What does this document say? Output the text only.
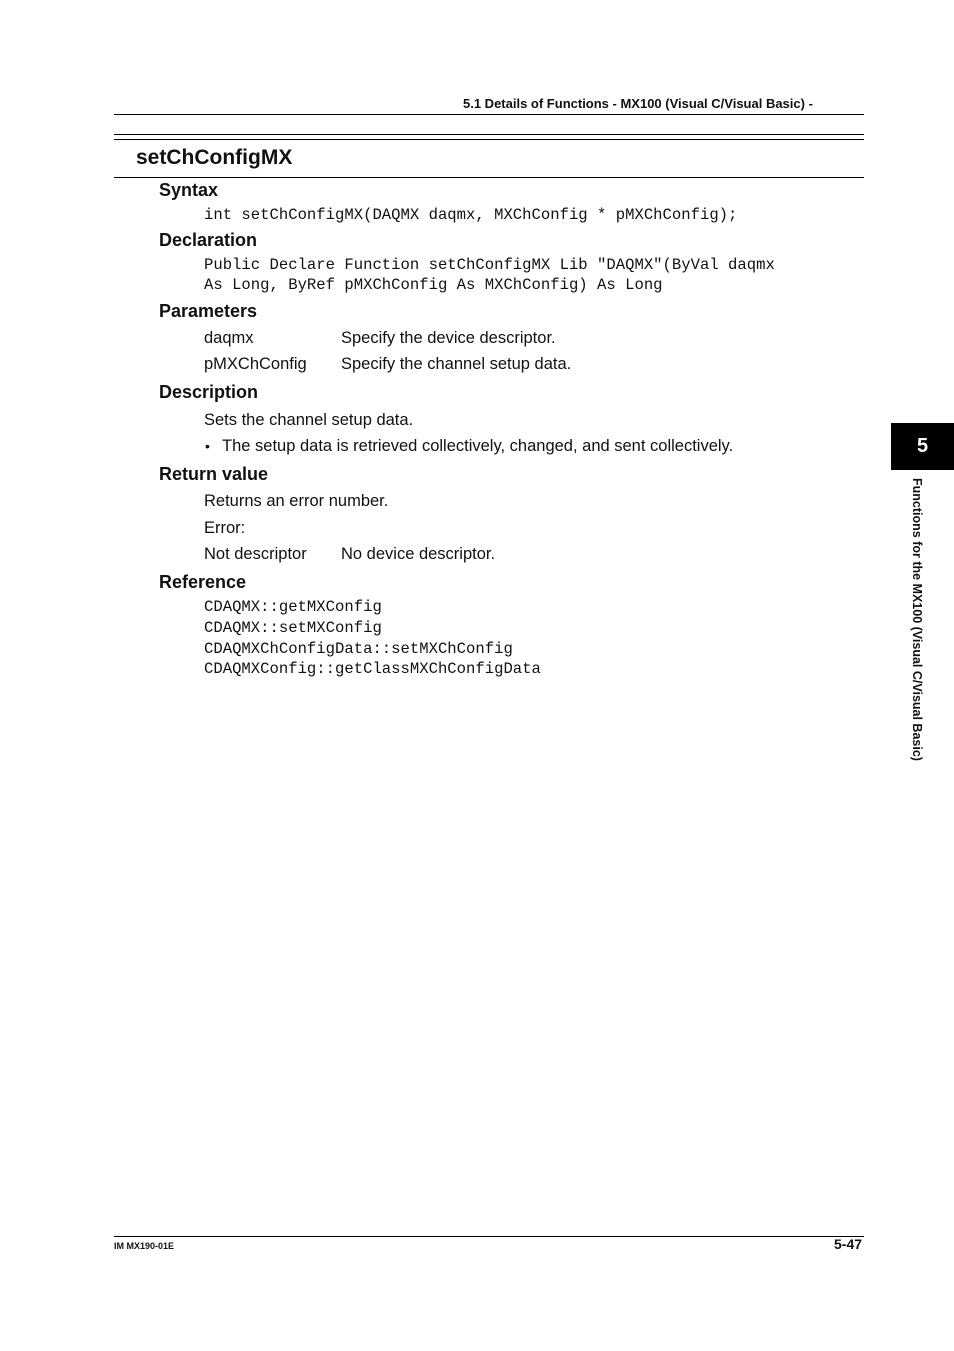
5.1 Details of Functions - MX100 (Visual C/Visual Basic) -
setChConfigMX
Syntax
int setChConfigMX(DAQMX daqmx, MXChConfig * pMXChConfig);
Declaration
Public Declare Function setChConfigMX Lib "DAQMX"(ByVal daqmx
As Long, ByRef pMXChConfig As MXChConfig) As Long
Parameters
daqmx	Specify the device descriptor.
pMXChConfig Specify the channel setup data.
Description
Sets the channel setup data.
• The setup data is retrieved collectively, changed, and sent collectively.
Return value
Returns an error number.
Error:
Not descriptor No device descriptor.
Reference
CDAQMX::getMXConfig
CDAQMX::setMXConfig
CDAQMXChConfigData::setMXChConfig
CDAQMXConfig::getClassMXChConfigData
5
Functions for the MX100 (Visual C/Visual Basic)
IM MX190-01E	5-47
